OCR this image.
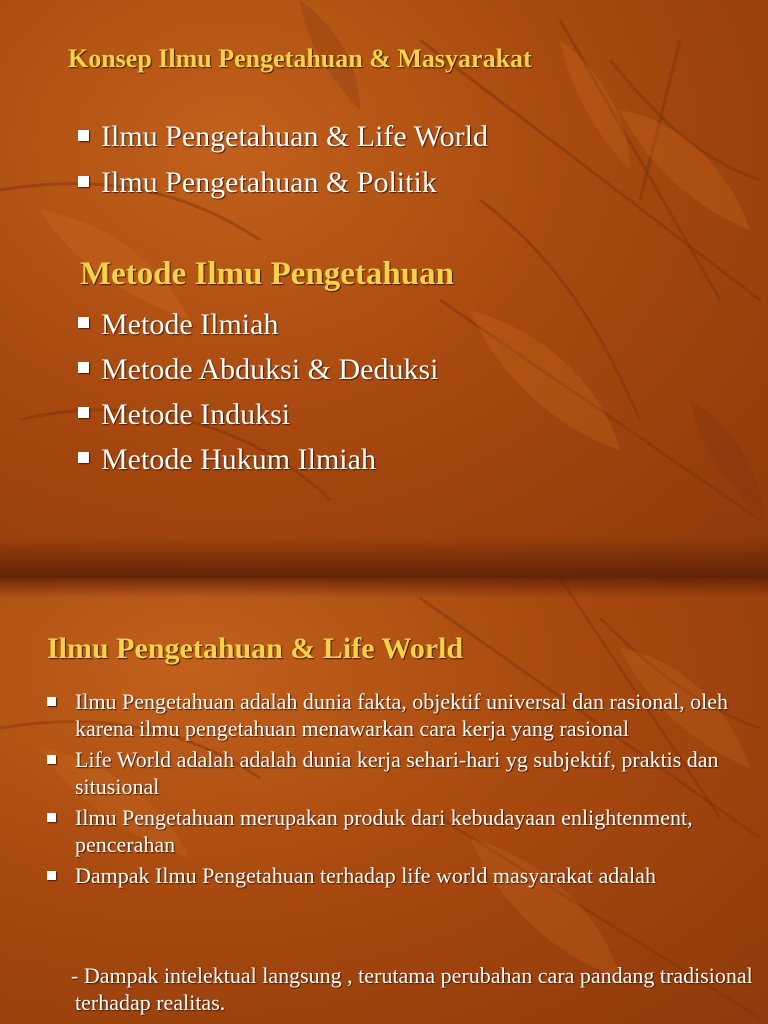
Konsep Ilmu Pengetahuan & Masyarakat
Ilmu Pengetahuan & Life World
Ilmu Pengetahuan & Politik
Metode Ilmu Pengetahuan
Metode Ilmiah
Metode Abduksi & Deduksi
Metode Induksi
Metode Hukum Ilmiah
Ilmu Pengetahuan & Life World
Ilmu Pengetahuan adalah dunia fakta, objektif universal dan rasional, oleh karena ilmu pengetahuan menawarkan cara kerja yang rasional
Life World adalah adalah dunia kerja sehari-hari yg subjektif, praktis dan situsional
Ilmu Pengetahuan merupakan produk dari kebudayaan enlightenment, pencerahan
Dampak Ilmu Pengetahuan terhadap life world masyarakat adalah
- Dampak intelektual langsung , terutama perubahan cara pandang tradisional terhadap realitas.
